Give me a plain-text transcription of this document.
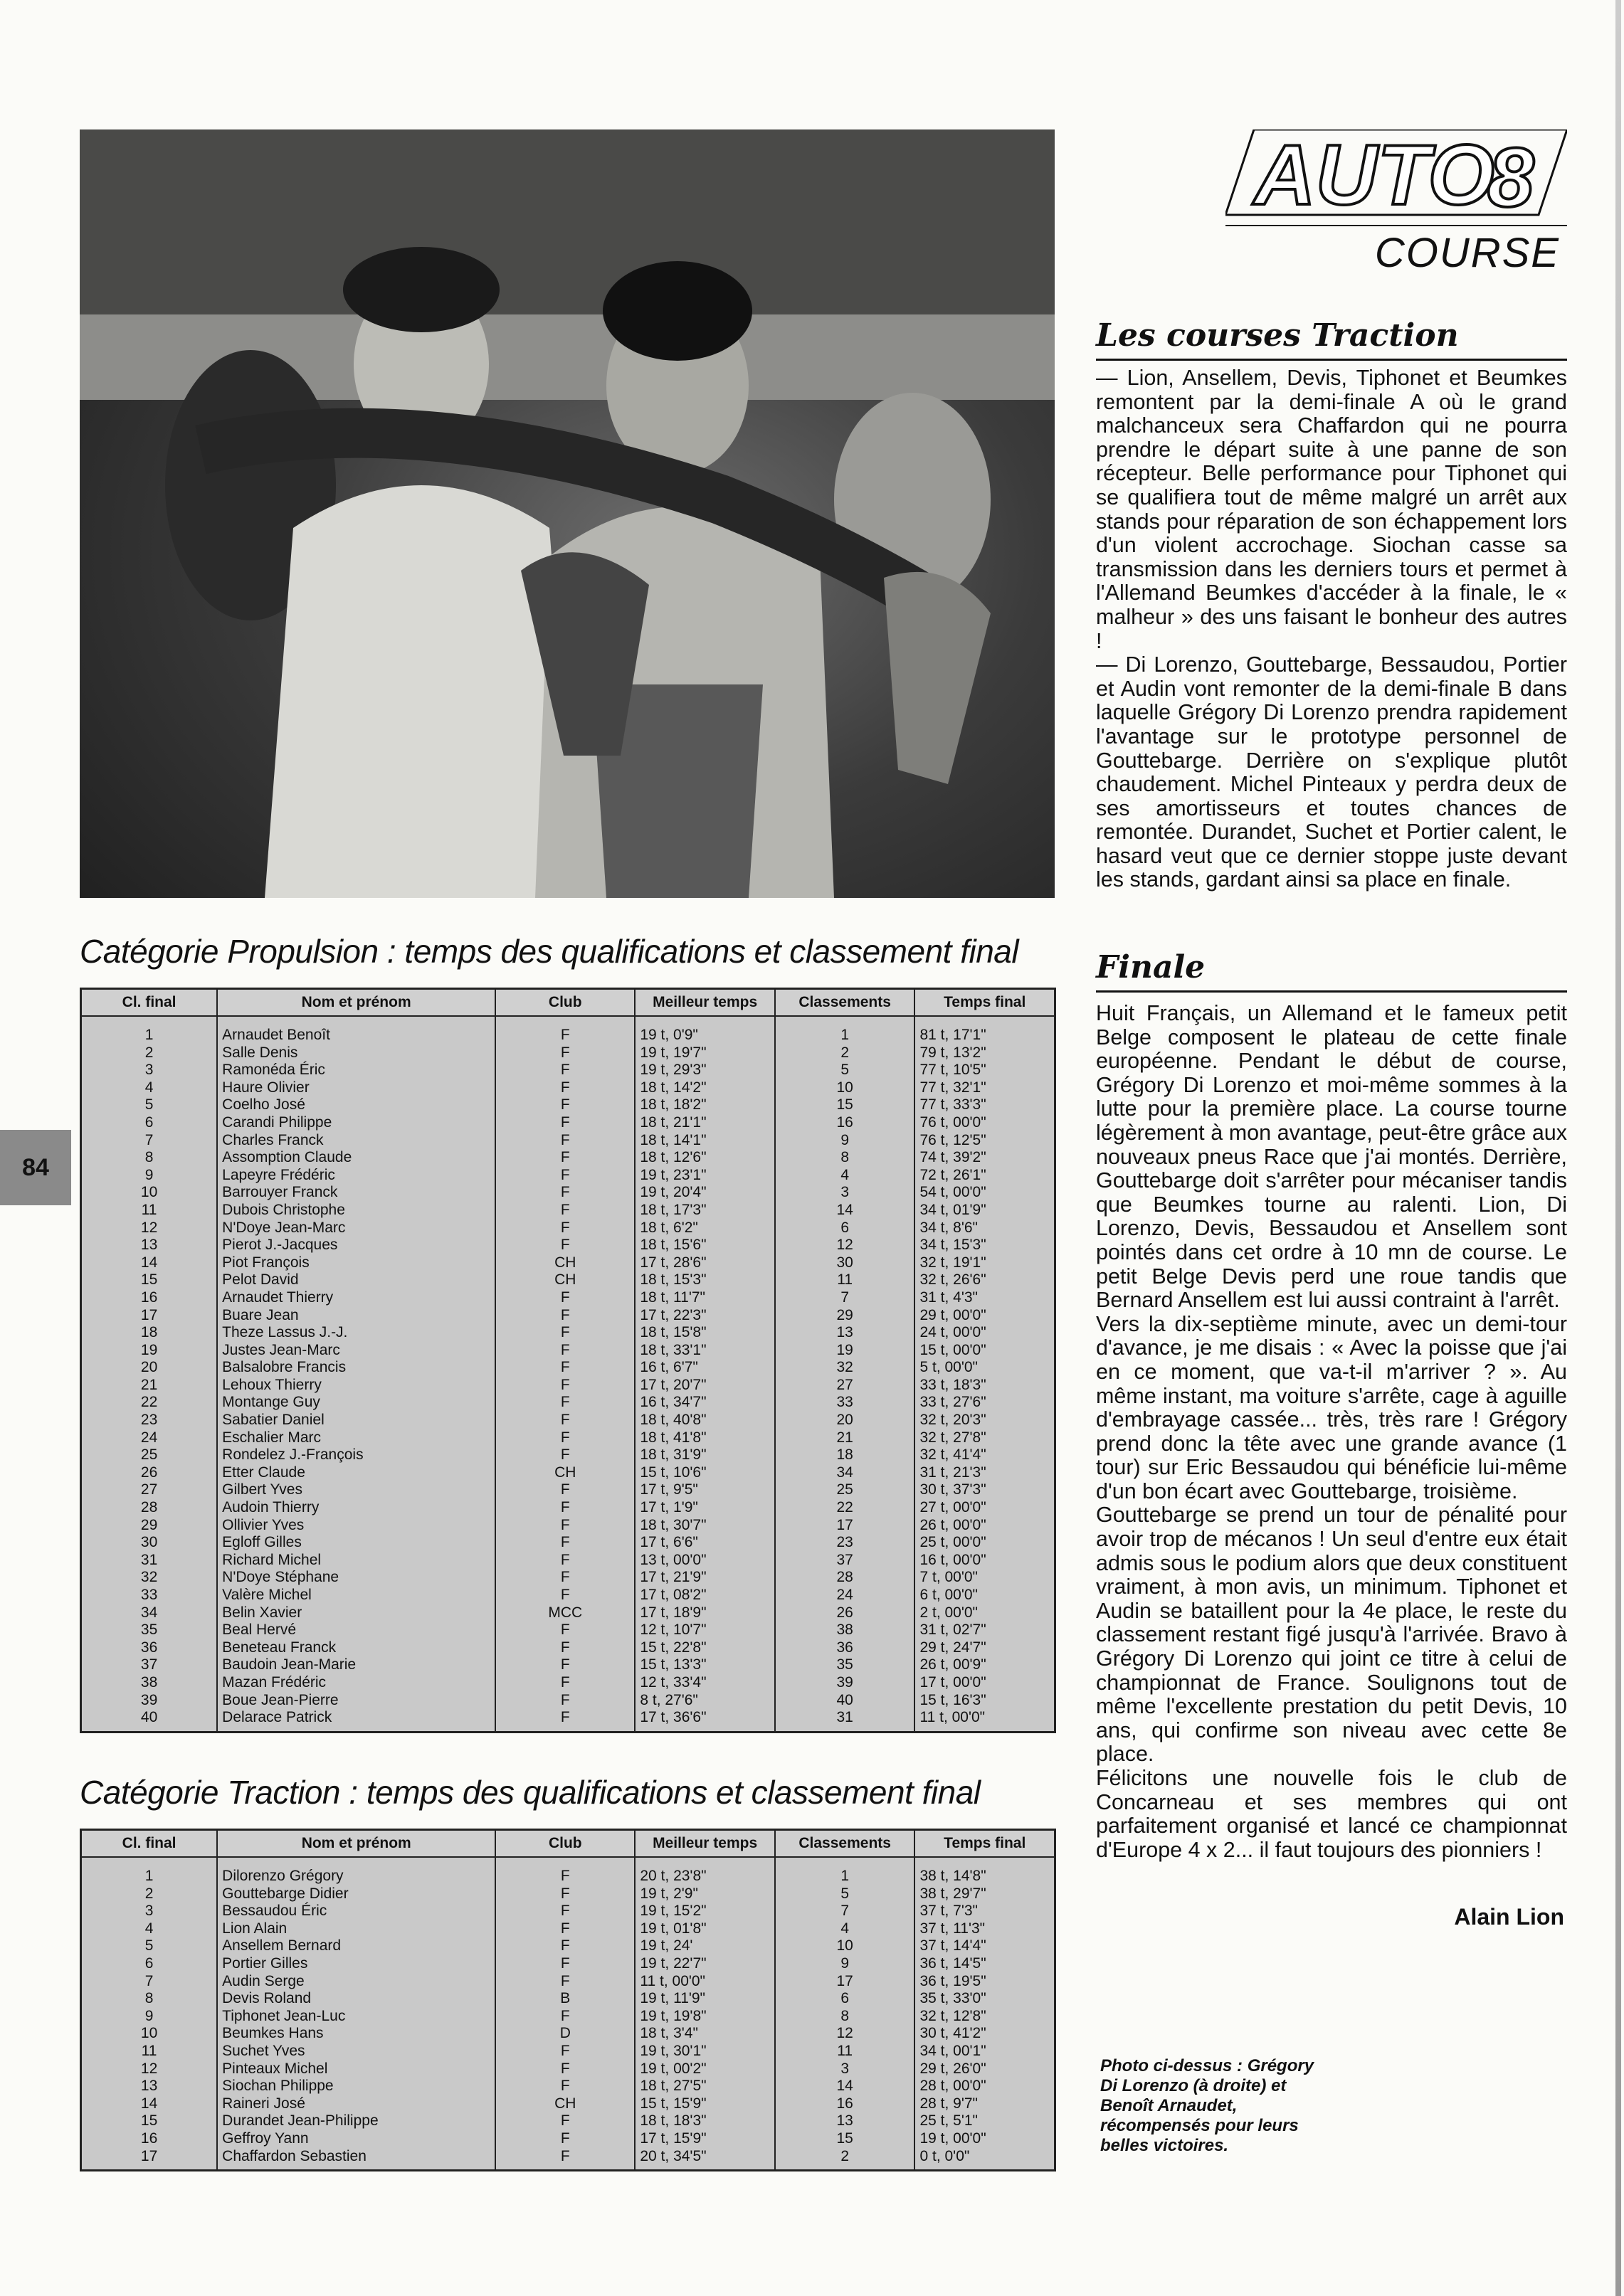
AUTO
8
COURSE
Les courses Traction

— Lion, Ansellem, Devis, Tiphonet et Beumkes remontent par la demi-finale A où le grand malchanceux sera Chaffardon qui ne pourra prendre le départ suite à une panne de son récepteur. Belle performance pour Tiphonet qui se qualifiera tout de même malgré un arrêt aux stands pour réparation de son échappement lors d'un violent accrochage. Siochan casse sa transmission dans les derniers tours et permet à l'Allemand Beumkes d'accéder à la finale, le « malheur » des uns faisant le bonheur des autres !

— Di Lorenzo, Gouttebarge, Bessaudou, Portier et Audin vont remonter de la demi-finale B dans laquelle Grégory Di Lorenzo prendra rapidement l'avantage sur le prototype personnel de Gouttebarge. Derrière on s'explique plutôt chaudement. Michel Pinteaux y perdra deux de ses amortisseurs et toutes chances de remontée. Durandet, Suchet et Portier calent, le hasard veut que ce dernier stoppe juste devant les stands, gardant ainsi sa place en finale.

Finale

Huit Français, un Allemand et le fameux petit Belge composent le plateau de cette finale européenne. Pendant le début de course, Grégory Di Lorenzo et moi-même sommes à la lutte pour la première place. La course tourne légèrement à mon avantage, peut-être grâce aux nouveaux pneus Race que j'ai montés. Derrière, Gouttebarge doit s'arrêter pour mécaniser tandis que Beumkes tourne au ralenti. Lion, Di Lorenzo, Devis, Bessaudou et Ansellem sont pointés dans cet ordre à 10 mn de course. Le petit Belge Devis perd une roue tandis que Bernard Ansellem est lui aussi contraint à l'arrêt.

Vers la dix-septième minute, avec un demi-tour d'avance, je me disais : « Avec la poisse que j'ai en ce moment, que va-t-il m'arriver ? ». Au même instant, ma voiture s'arrête, cage à aguille d'embrayage cassée... très, très rare ! Grégory prend donc la tête avec une grande avance (1 tour) sur Eric Bessaudou qui bénéficie lui-même d'un bon écart avec Gouttebarge, troisième.

Gouttebarge se prend un tour de pénalité pour avoir trop de mécanos ! Un seul d'entre eux était admis sous le podium alors que deux constituent vraiment, à mon avis, un minimum. Tiphonet et Audin se bataillent pour la 4e place, le reste du classement restant figé jusqu'à l'arrivée. Bravo à Grégory Di Lorenzo qui joint ce titre à celui de championnat de France. Soulignons tout de même l'excellente prestation du petit Devis, 10 ans, qui confirme son niveau avec cette 8e place.

Félicitons une nouvelle fois le club de Concarneau et ses membres qui ont parfaitement organisé et lancé ce championnat d'Europe 4 x 2... il faut toujours des pionniers !

Alain Lion
Photo ci-dessus : Grégory Di Lorenzo (à droite) et Benoît Arnaudet, récompensés pour leurs belles victoires.
84
Catégorie Propulsion : temps des qualifications et classement final
Cl. final	Nom et prénom	Club	Meilleur temps	Classements	Temps final

1	Arnaudet Benoît	F	19 t, 0'9"	1	81 t, 17'1"
2	Salle Denis	F	19 t, 19'7"	2	79 t, 13'2"
3	Ramonéda Éric	F	19 t, 29'3"	5	77 t, 10'5"
4	Haure Olivier	F	18 t, 14'2"	10	77 t, 32'1"
5	Coelho José	F	18 t, 18'2"	15	77 t, 33'3"
6	Carandi Philippe	F	18 t, 21'1"	16	76 t, 00'0"
7	Charles Franck	F	18 t, 14'1"	9	76 t, 12'5"
8	Assomption Claude	F	18 t, 12'6"	8	74 t, 39'2"
9	Lapeyre Frédéric	F	19 t, 23'1"	4	72 t, 26'1"
10	Barrouyer Franck	F	19 t, 20'4"	3	54 t, 00'0"
11	Dubois Christophe	F	18 t, 17'3"	14	34 t, 01'9"
12	N'Doye Jean-Marc	F	18 t, 6'2"	6	34 t, 8'6"
13	Pierot J.-Jacques	F	18 t, 15'6"	12	34 t, 15'3"
14	Piot François	CH	17 t, 28'6"	30	32 t, 19'1"
15	Pelot David	CH	18 t, 15'3"	11	32 t, 26'6"
16	Arnaudet Thierry	F	18 t, 11'7"	7	31 t, 4'3"
17	Buare Jean	F	17 t, 22'3"	29	29 t, 00'0"
18	Theze Lassus J.-J.	F	18 t, 15'8"	13	24 t, 00'0"
19	Justes Jean-Marc	F	18 t, 33'1"	19	15 t, 00'0"
20	Balsalobre Francis	F	16 t, 6'7"	32	5 t, 00'0"
21	Lehoux Thierry	F	17 t, 20'7"	27	33 t, 18'3"
22	Montange Guy	F	16 t, 34'7"	33	33 t, 27'6"
23	Sabatier Daniel	F	18 t, 40'8"	20	32 t, 20'3"
24	Eschalier Marc	F	18 t, 41'8"	21	32 t, 27'8"
25	Rondelez J.-François	F	18 t, 31'9"	18	32 t, 41'4"
26	Etter Claude	CH	15 t, 10'6"	34	31 t, 21'3"
27	Gilbert Yves	F	17 t, 9'5"	25	30 t, 37'3"
28	Audoin Thierry	F	17 t, 1'9"	22	27 t, 00'0"
29	Ollivier Yves	F	18 t, 30'7"	17	26 t, 00'0"
30	Egloff Gilles	F	17 t, 6'6"	23	25 t, 00'0"
31	Richard Michel	F	13 t, 00'0"	37	16 t, 00'0"
32	N'Doye Stéphane	F	17 t, 21'9"	28	7 t, 00'0"
33	Valère Michel	F	17 t, 08'2"	24	6 t, 00'0"
34	Belin Xavier	MCC	17 t, 18'9"	26	2 t, 00'0"
35	Beal Hervé	F	12 t, 10'7"	38	31 t, 02'7"
36	Beneteau Franck	F	15 t, 22'8"	36	29 t, 24'7"
37	Baudoin Jean-Marie	F	15 t, 13'3"	35	26 t, 00'9"
38	Mazan Frédéric	F	12 t, 33'4"	39	17 t, 00'0"
39	Boue Jean-Pierre	F	8 t, 27'6"	40	15 t, 16'3"
40	Delarace Patrick	F	17 t, 36'6"	31	11 t, 00'0"
Catégorie Traction : temps des qualifications et classement final
Cl. final	Nom et prénom	Club	Meilleur temps	Classements	Temps final

1	Dilorenzo Grégory	F	20 t, 23'8"	1	38 t, 14'8"
2	Gouttebarge Didier	F	19 t, 2'9"	5	38 t, 29'7"
3	Bessaudou Éric	F	19 t, 15'2"	7	37 t, 7'3"
4	Lion Alain	F	19 t, 01'8"	4	37 t, 11'3"
5	Ansellem Bernard	F	19 t, 24'	10	37 t, 14'4"
6	Portier Gilles	F	19 t, 22'7"	9	36 t, 14'5"
7	Audin Serge	F	11 t, 00'0"	17	36 t, 19'5"
8	Devis Roland	B	19 t, 11'9"	6	35 t, 33'0"
9	Tiphonet Jean-Luc	F	19 t, 19'8"	8	32 t, 12'8"
10	Beumkes Hans	D	18 t, 3'4"	12	30 t, 41'2"
11	Suchet Yves	F	19 t, 30'1"	11	34 t, 00'1"
12	Pinteaux Michel	F	19 t, 00'2"	3	29 t, 26'0"
13	Siochan Philippe	F	18 t, 27'5"	14	28 t, 00'0"
14	Raineri José	CH	15 t, 15'9"	16	28 t, 9'7"
15	Durandet Jean-Philippe	F	18 t, 18'3"	13	25 t, 5'1"
16	Geffroy Yann	F	17 t, 15'9"	15	19 t, 00'0"
17	Chaffardon Sebastien	F	20 t, 34'5"	2	0 t, 0'0"
